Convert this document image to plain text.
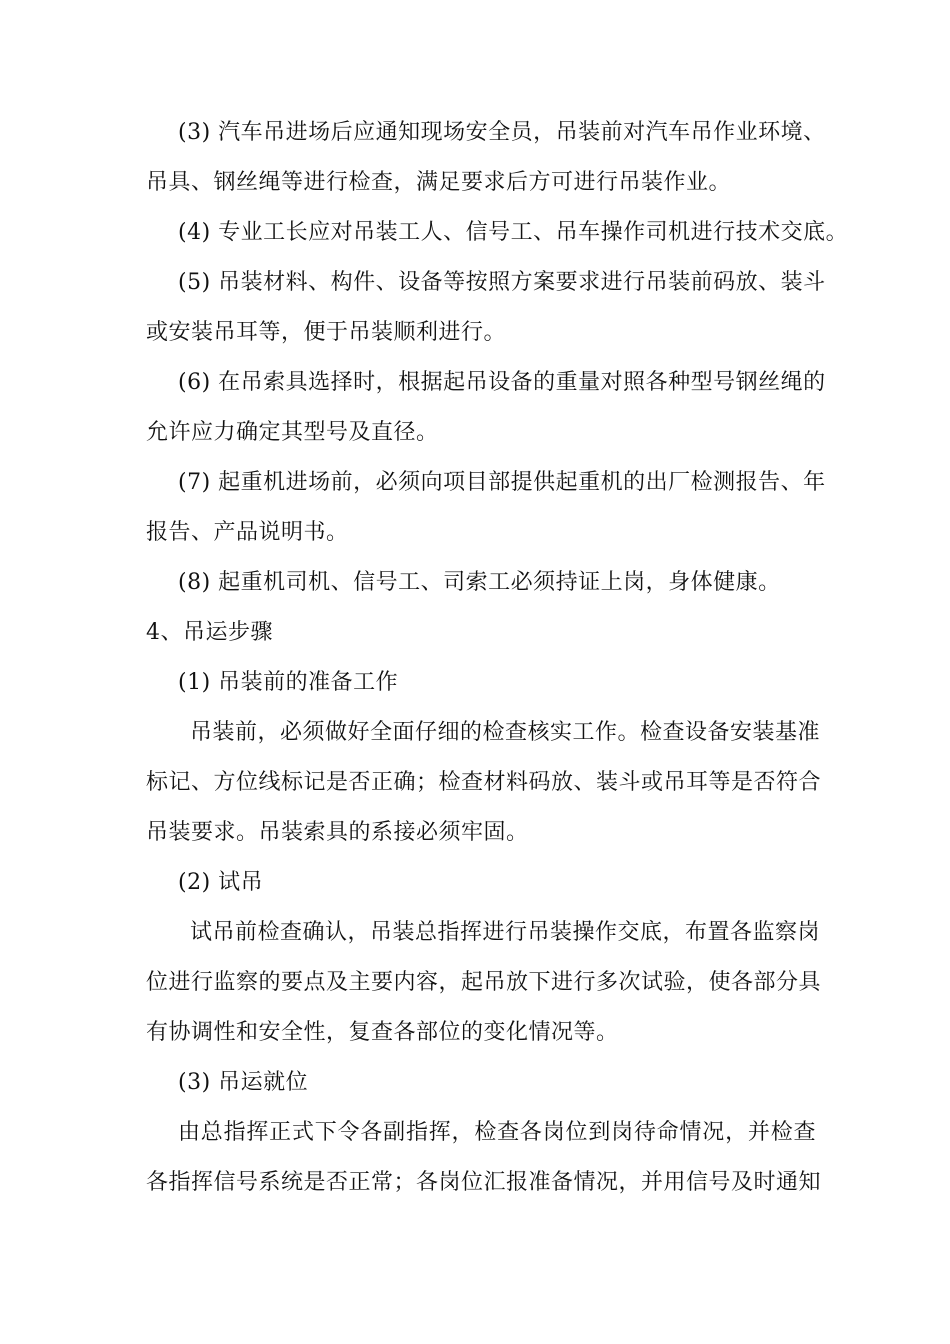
(3) 汽车吊进场后应通知现场安全员，吊装前对汽车吊作业环境、
吊具、钢丝绳等进行检查，满足要求后方可进行吊装作业。
(4) 专业工长应对吊装工人、信号工、吊车操作司机进行技术交底。
(5) 吊装材料、构件、设备等按照方案要求进行吊装前码放、装斗
或安装吊耳等，便于吊装顺利进行。
(6) 在吊索具选择时，根据起吊设备的重量对照各种型号钢丝绳的
允许应力确定其型号及直径。
(7) 起重机进场前，必须向项目部提供起重机的出厂检测报告、年
报告、产品说明书。
(8) 起重机司机、信号工、司索工必须持证上岗，身体健康。
4、吊运步骤
(1) 吊装前的准备工作
吊装前，必须做好全面仔细的检查核实工作。检查设备安装基准
标记、方位线标记是否正确；检查材料码放、装斗或吊耳等是否符合
吊装要求。吊装索具的系接必须牢固。
(2) 试吊
试吊前检查确认，吊装总指挥进行吊装操作交底，布置各监察岗
位进行监察的要点及主要内容，起吊放下进行多次试验，使各部分具
有协调性和安全性，复查各部位的变化情况等。
(3) 吊运就位
由总指挥正式下令各副指挥，检查各岗位到岗待命情况，并检查
各指挥信号系统是否正常；各岗位汇报准备情况，并用信号及时通知
